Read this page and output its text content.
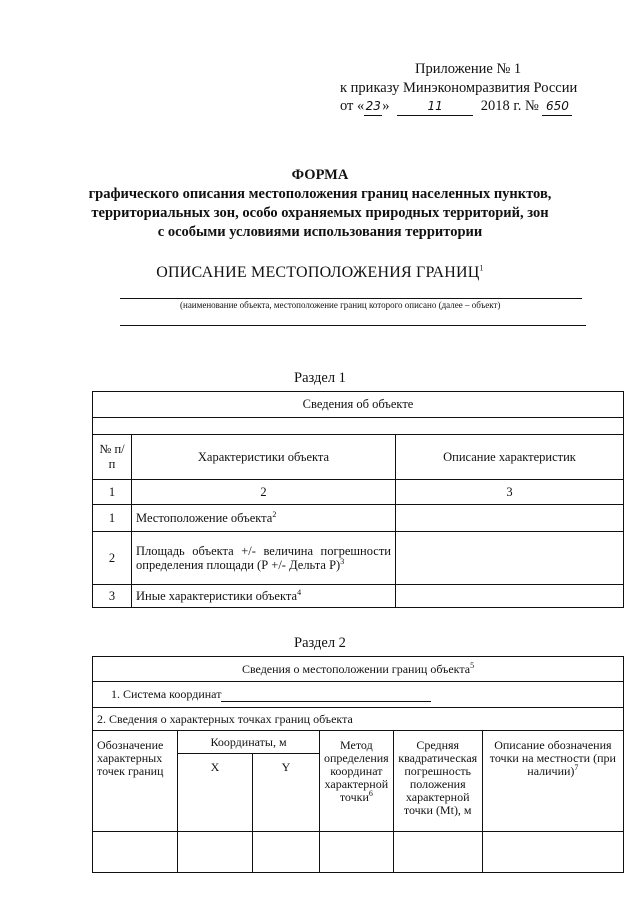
Приложение № 1
к приказу Минэкономразвития России
от «23»	11	2018 г. № 650
ФОРМА
графического описания местоположения границ населенных пунктов,
территориальных зон, особо охраняемых природных территорий, зон
с особыми условиями использования территории
ОПИСАНИЕ МЕСТОПОЛОЖЕНИЯ ГРАНИЦ$^1$
(наименование объекта, местоположение границ которого описано (далее – объект)
Раздел 1
Сведения об объекте		

№ п/п	Характеристики объекта	Описание характеристик
1	2	3
1	Местоположение объекта$^2$	
2	Площадь объекта +/- величина погрешности определения площади (Р +/- Дельта Р)$^3$	
3	Иные характеристики объекта$^4$	
Раздел 2
Сведения о местоположении границ объекта$^5$
1. Система координат					
2. Сведения о характерных точках границ объекта					
Обозначение характерных точек границ	Координаты, м		Метод определения координат характерной точки$^6$	Средняя квадратическая погрешность положения характерной точки (Mt), м	Описание обозначения точки на местности (при наличии)$^7$
	X	Y			
